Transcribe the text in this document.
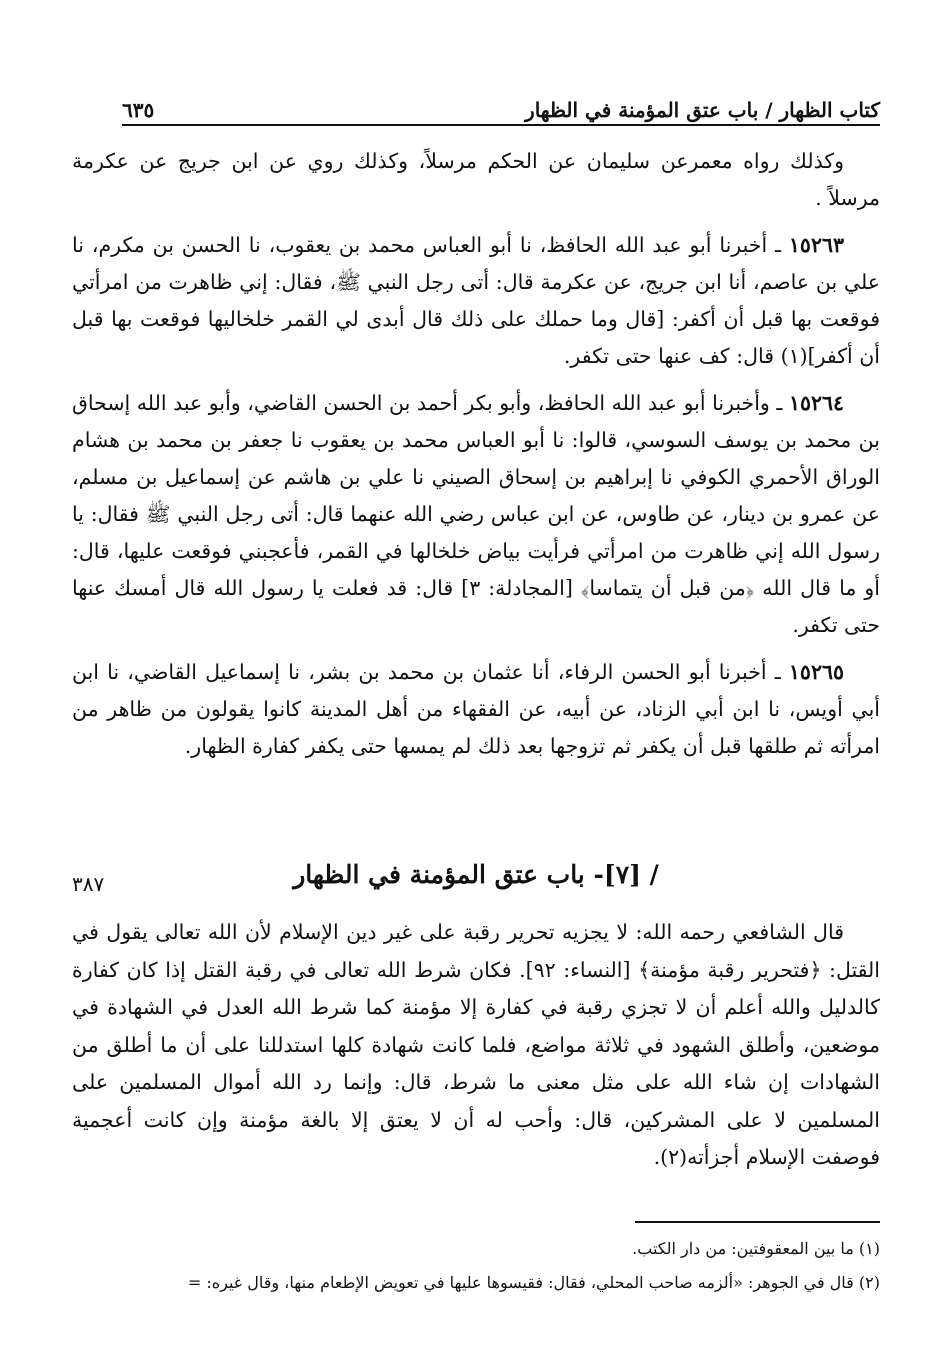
كتاب الظهار / باب عتق المؤمنة في الظهار
٦٣٥

وكذلك رواه معمرعن سليمان عن الحكم مرسلاً، وكذلك روي عن ابن جريج عن عكرمة مرسلاً .

١٥٢٦٣ ـ أخبرنا أبو عبد الله الحافظ، نا أبو العباس محمد بن يعقوب، نا الحسن بن مكرم، نا علي بن عاصم، أنا ابن جريج، عن عكرمة قال: أتى رجل النبي ﷺ، فقال: إني ظاهرت من امرأتي فوقعت بها قبل أن أكفر: [قال وما حملك على ذلك قال أبدى لي القمر خلخاليها فوقعت بها قبل أن أكفر](١) قال: كف عنها حتى تكفر.

١٥٢٦٤ ـ وأخبرنا أبو عبد الله الحافظ، وأبو بكر أحمد بن الحسن القاضي، وأبو عبد الله إسحاق بن محمد بن يوسف السوسي، قالوا: نا أبو العباس محمد بن يعقوب نا جعفر بن محمد بن هشام الوراق الأحمري الكوفي نا إبراهيم بن إسحاق الصيني نا علي بن هاشم عن إسماعيل بن مسلم، عن عمرو بن دينار، عن طاوس، عن ابن عباس رضي الله عنهما قال: أتى رجل النبي ﷺ فقال: يا رسول الله إني ظاهرت من امرأتي فرأيت بياض خلخالها في القمر، فأعجبني فوقعت عليها، قال: أو ما قال الله ﴿من قبل أن يتماسا﴾ [المجادلة: ٣] قال: قد فعلت يا رسول الله قال أمسك عنها حتى تكفر.

١٥٢٦٥ ـ أخبرنا أبو الحسن الرفاء، أنا عثمان بن محمد بن بشر، نا إسماعيل القاضي، نا ابن أبي أويس، نا ابن أبي الزناد، عن أبيه، عن الفقهاء من أهل المدينة كانوا يقولون من ظاهر من امرأته ثم طلقها قبل أن يكفر ثم تزوجها بعد ذلك لم يمسها حتى يكفر كفارة الظهار.

/ [٧]- باب عتق المؤمنة في الظهار
٣٨٧

قال الشافعي رحمه الله: لا يجزيه تحرير رقبة على غير دين الإسلام لأن الله تعالى يقول في القتل: ﴿فتحرير رقبة مؤمنة﴾ [النساء: ٩٢]. فكان شرط الله تعالى في رقبة القتل إذا كان كفارة كالدليل والله أعلم أن لا تجزي رقبة في كفارة إلا مؤمنة كما شرط الله العدل في الشهادة في موضعين، وأطلق الشهود في ثلاثة مواضع، فلما كانت شهادة كلها استدللنا على أن ما أطلق من الشهادات إن شاء الله على مثل معنى ما شرط، قال: وإنما رد الله أموال المسلمين على المسلمين لا على المشركين، قال: وأحب له أن لا يعتق إلا بالغة مؤمنة وإن كانت أعجمية فوصفت الإسلام أجزأته(٢).

(١) ما بين المعقوفتين: من دار الكتب.
(٢) قال في الجوهر: «ألزمه صاحب المحلي، فقال: فقيسوها عليها في تعويض الإطعام منها، وقال غيره: =
